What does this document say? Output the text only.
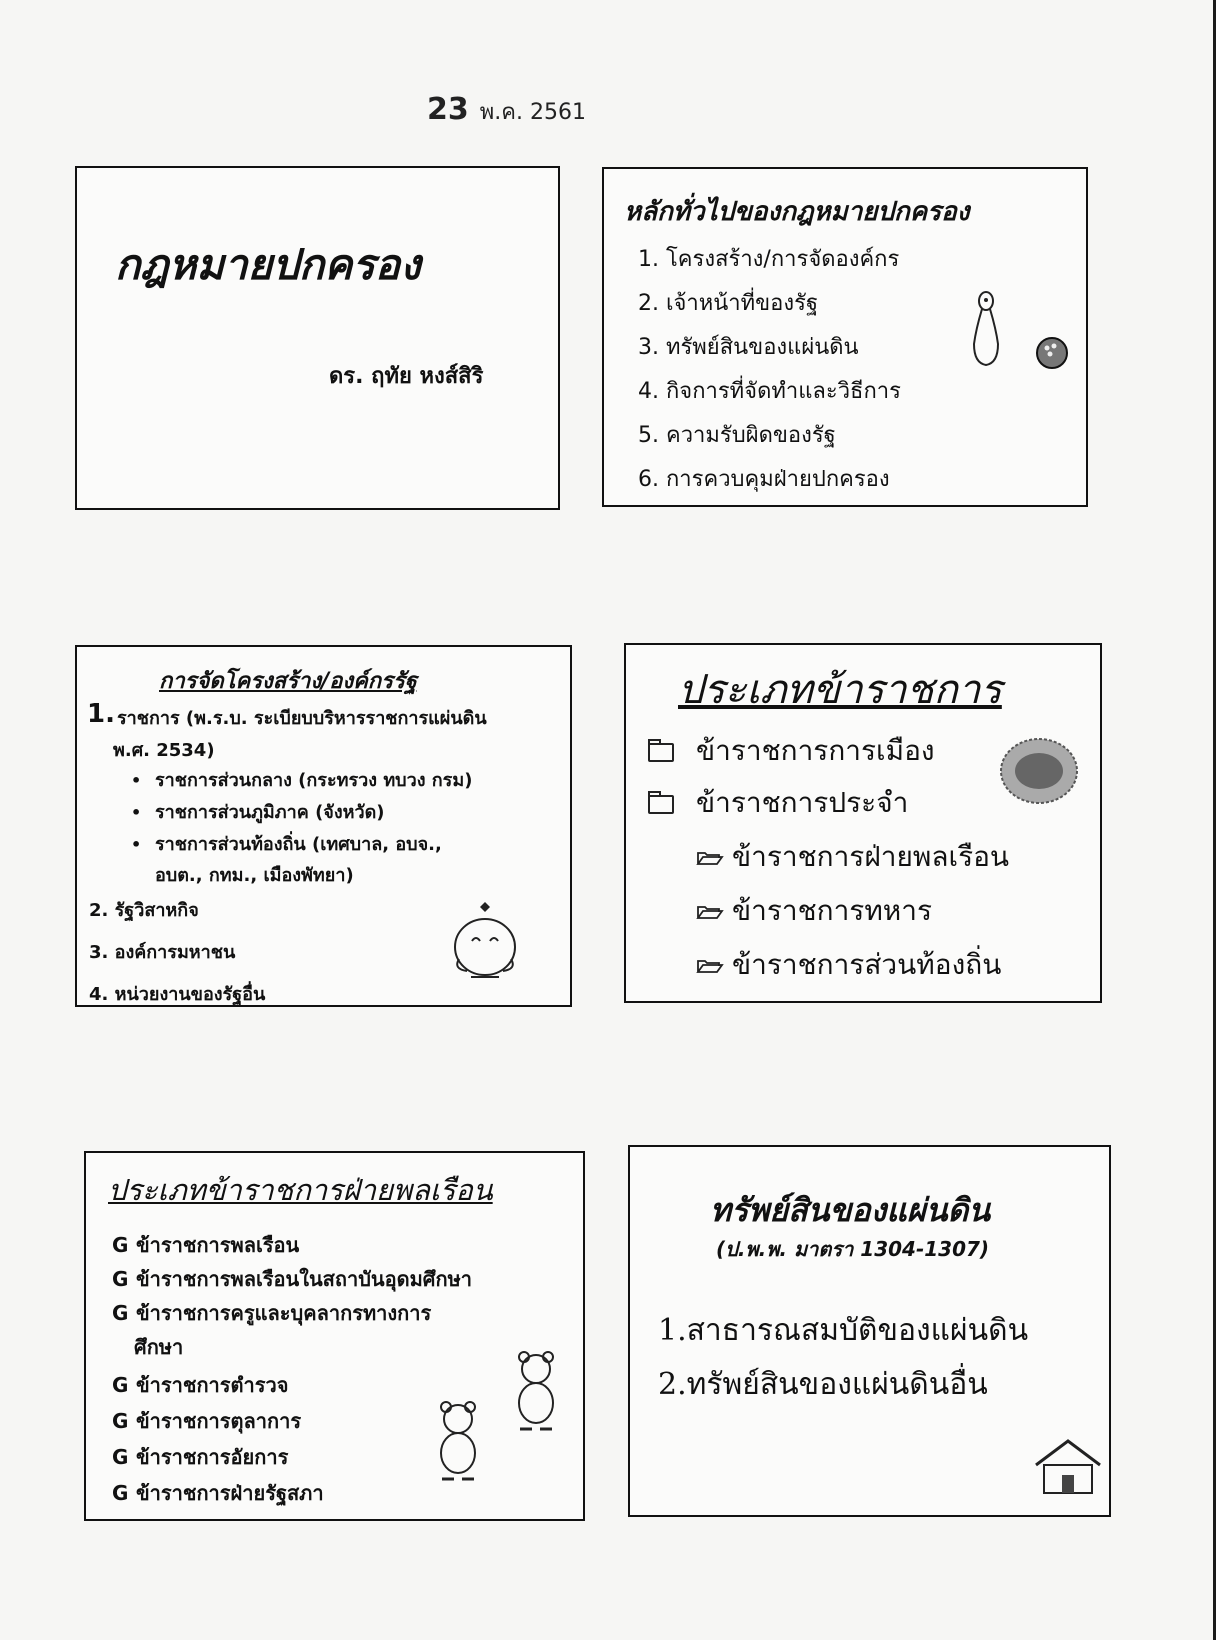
23 พ.ค. 2561
กฎหมายปกครอง
ดร. ฤทัย หงส์สิริ
หลักทั่วไปของกฎหมายปกครอง
1. โครงสร้าง/การจัดองค์กร
2. เจ้าหน้าที่ของรัฐ
3. ทรัพย์สินของแผ่นดิน
4. กิจการที่จัดทำและวิธีการ
5. ความรับผิดของรัฐ
6. การควบคุมฝ่ายปกครอง
การจัดโครงสร้าง/องค์กรรัฐ
1. ราชการ (พ.ร.บ. ระเบียบบริหารราชการแผ่นดิน
พ.ศ. 2534)
• ราชการส่วนกลาง (กระทรวง ทบวง กรม)
• ราชการส่วนภูมิภาค (จังหวัด)
• ราชการส่วนท้องถิ่น (เทศบาล, อบจ.,
อบต., กทม., เมืองพัทยา)
2. รัฐวิสาหกิจ
3. องค์การมหาชน
4. หน่วยงานของรัฐอื่น
ประเภทข้าราชการ
ข้าราชการการเมือง
ข้าราชการประจำ
ข้าราชการฝ่ายพลเรือน
ข้าราชการทหาร
ข้าราชการส่วนท้องถิ่น
ประเภทข้าราชการฝ่ายพลเรือน
G ข้าราชการพลเรือน
G ข้าราชการพลเรือนในสถาบันอุดมศึกษา
G ข้าราชการครูและบุคลากรทางการ
ศึกษา
G ข้าราชการตำรวจ
G ข้าราชการตุลาการ
G ข้าราชการอัยการ
G ข้าราชการฝ่ายรัฐสภา
ทรัพย์สินของแผ่นดิน
(ป.พ.พ. มาตรา 1304-1307)
1.สาธารณสมบัติของแผ่นดิน
2.ทรัพย์สินของแผ่นดินอื่น
